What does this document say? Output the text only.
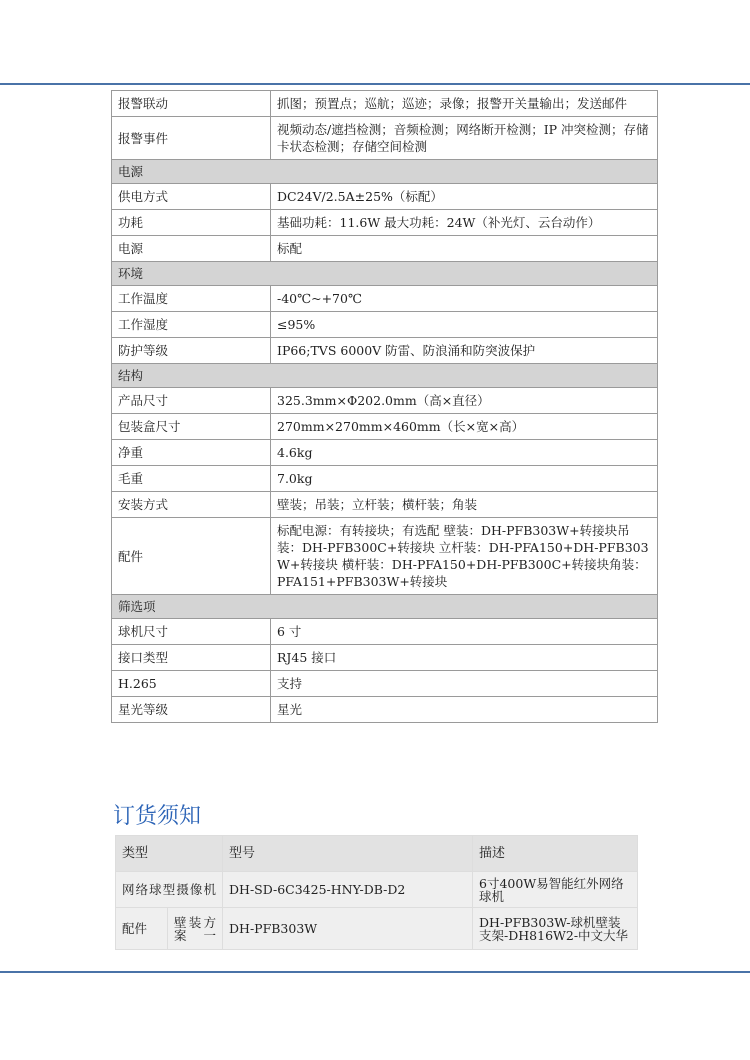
报警联动	抓图；预置点；巡航；巡迹；录像；报警开关量输出；发送邮件
报警事件	视频动态/遮挡检测；音频检测；网络断开检测；IP 冲突检测；存储卡状态检测；存储空间检测
电源	
供电方式	DC24V/2.5A±25%（标配）
功耗	基础功耗：11.6W 最大功耗：24W（补光灯、云台动作）
电源	标配
环境	
工作温度	-40℃~+70℃
工作湿度	≤95%
防护等级	IP66;TVS 6000V 防雷、防浪涌和防突波保护
结构	
产品尺寸	325.3mm×Φ202.0mm（高×直径）
包装盒尺寸	270mm×270mm×460mm（长×宽×高）
净重	4.6kg
毛重	7.0kg
安装方式	壁装；吊装；立杆装；横杆装；角装
配件	标配电源：有转接块；有选配 壁装：DH-PFB303W+转接块吊装：DH-PFB300C+转接块 立杆装：DH-PFA150+DH-PFB303W+转接块 横杆装：DH-PFA150+DH-PFB300C+转接块角装：PFA151+PFB303W+转接块
筛选项	
球机尺寸	6 寸
接口类型	RJ45 接口
H.265	支持
星光等级	星光
订货须知
类型		型号	描述
网络球型摄像机		DH-SD-6C3425-HNY-DB-D2	6寸400W易智能红外网络球机
配件	壁装方案一	DH-PFB303W	DH-PFB303W-球机壁装支架-DH816W2-中文大华
